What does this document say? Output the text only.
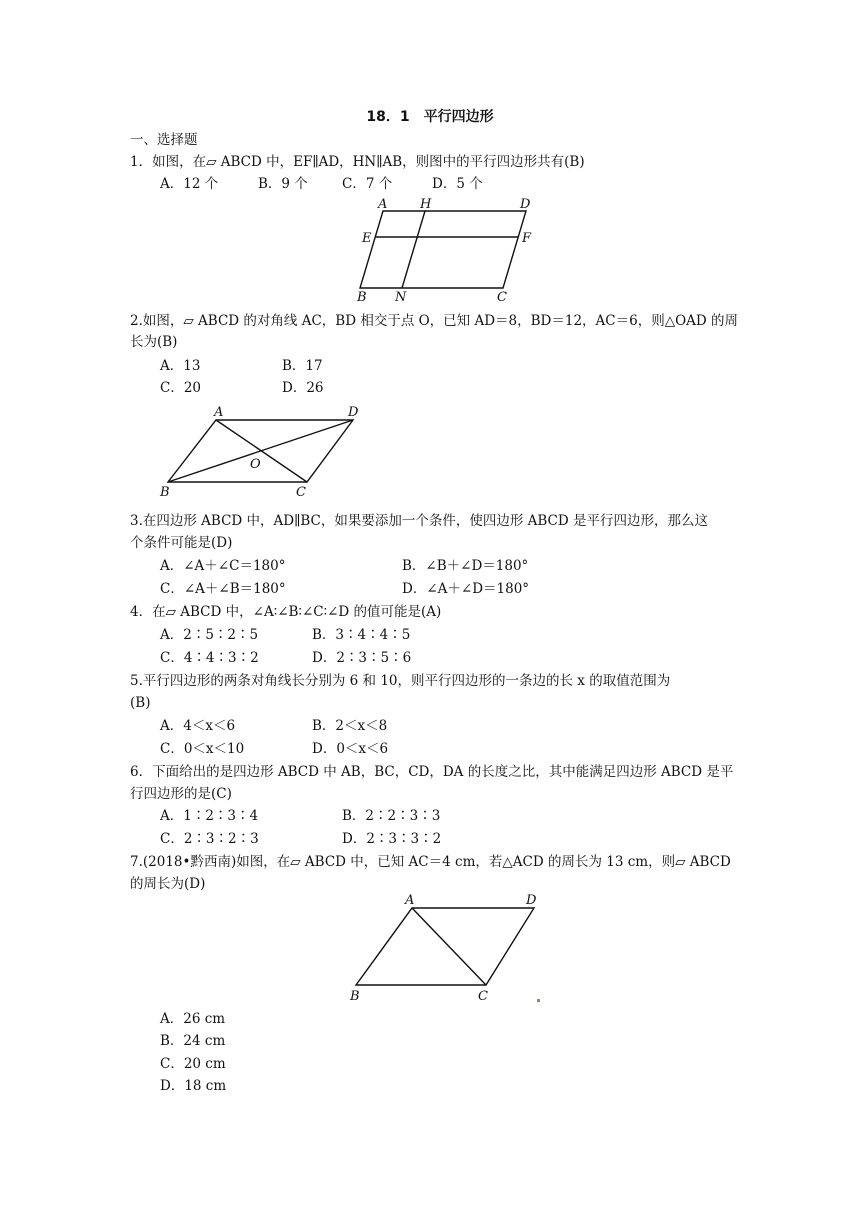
18．1　平行四边形
一、选择题
1．如图，在▱ ABCD 中，EF∥AD，HN∥AB，则图中的平行四边形共有(B)
A．12 个	B．9 个	C．7 个	D．5 个
A	H	D
E	F
B N	C
2.如图，▱ ABCD 的对角线 AC，BD 相交于点 O，已知 AD＝8，BD＝12，AC＝6，则△OAD 的周
长为(B)
A．13	B．17
C．20	D．26
A	D
O
B	C
3.在四边形 ABCD 中，AD∥BC，如果要添加一个条件，使四边形 ABCD 是平行四边形，那么这
个条件可能是(D)
A．∠A＋∠C＝180°	B．∠B＋∠D＝180°
C．∠A＋∠B＝180°	D．∠A＋∠D＝180°
4．在▱ ABCD 中，∠A∶∠B∶∠C∶∠D 的值可能是(A)
A．2∶5∶2∶5	B．3∶4∶4∶5
C．4∶4∶3∶2	D．2∶3∶5∶6
5.平行四边形的两条对角线长分别为 6 和 10，则平行四边形的一条边的长 x 的取值范围为
(B)
A．4＜x＜6	B．2＜x＜8
C．0＜x＜10	D．0＜x＜6
6．下面给出的是四边形 ABCD 中 AB，BC，CD，DA 的长度之比，其中能满足四边形 ABCD 是平
行四边形的是(C)
A．1∶2∶3∶4	B．2∶2∶3∶3
C．2∶3∶2∶3	D．2∶3∶3∶2
7.(2018•黔西南)如图，在▱ ABCD 中，已知 AC＝4 cm，若△ACD 的周长为 13 cm，则▱ ABCD
的周长为(D)
A	D
B	C
A．26 cm
B．24 cm
C．20 cm
D．18 cm
